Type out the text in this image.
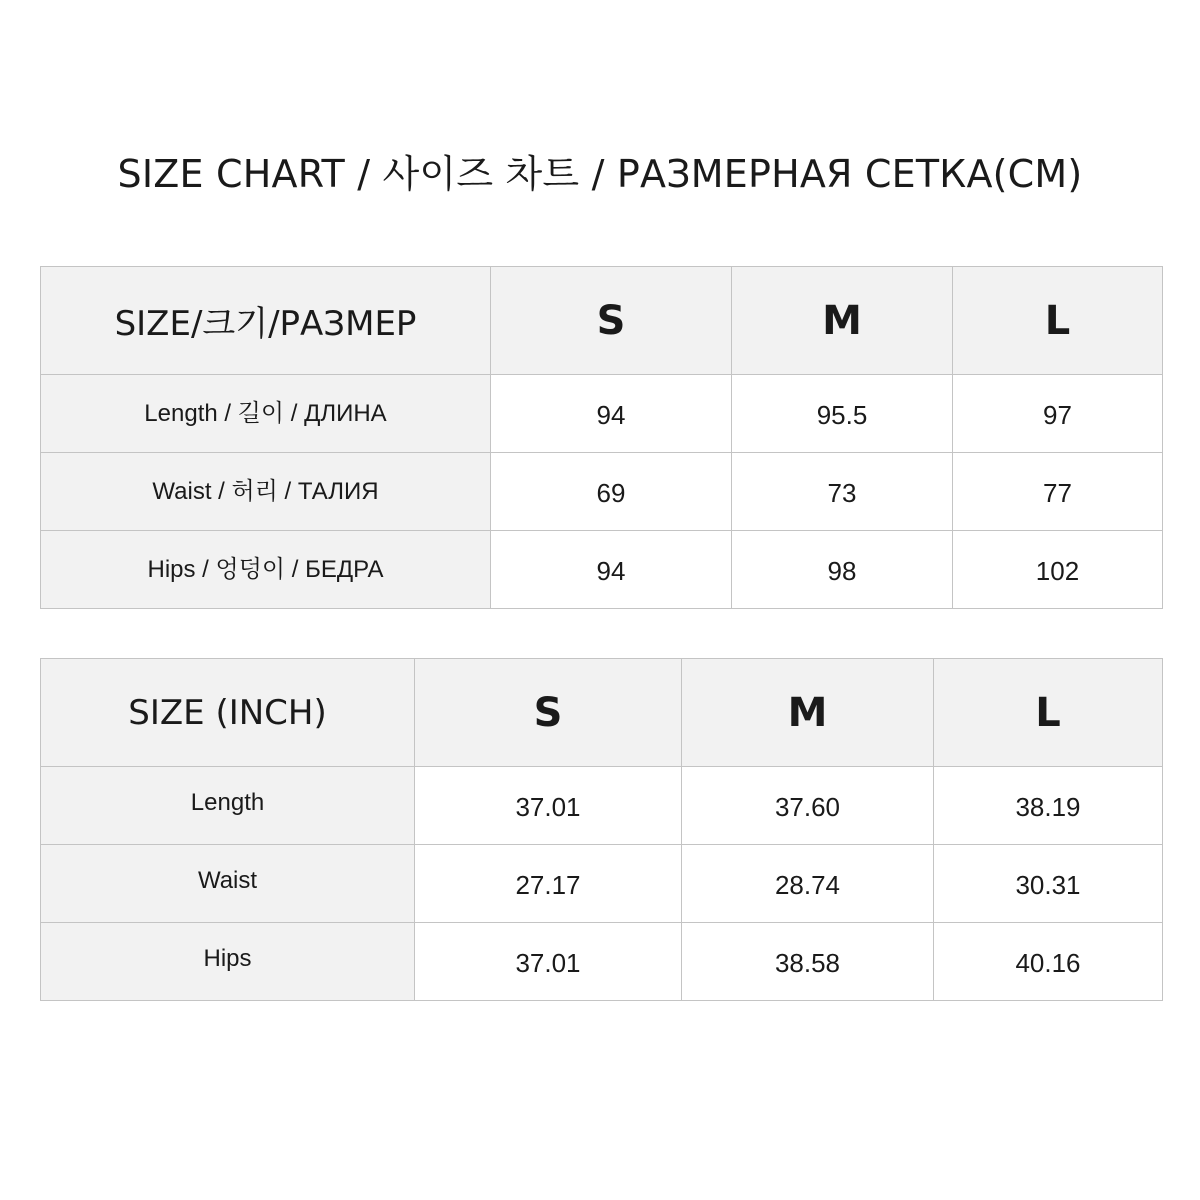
SIZE CHART / 사이즈 차트 / РАЗМЕРНАЯ СЕТКА(CM)
SIZE/크기/РАЗМЕР	S	M	L
Length / 길이 / ДЛИНА	94	95.5	97
Waist / 허리 / ТАЛИЯ	69	73	77
Hips / 엉덩이 / БЕДРА	94	98	102
SIZE (INCH)	S	M	L
Length	37.01	37.60	38.19
Waist	27.17	28.74	30.31
Hips	37.01	38.58	40.16
